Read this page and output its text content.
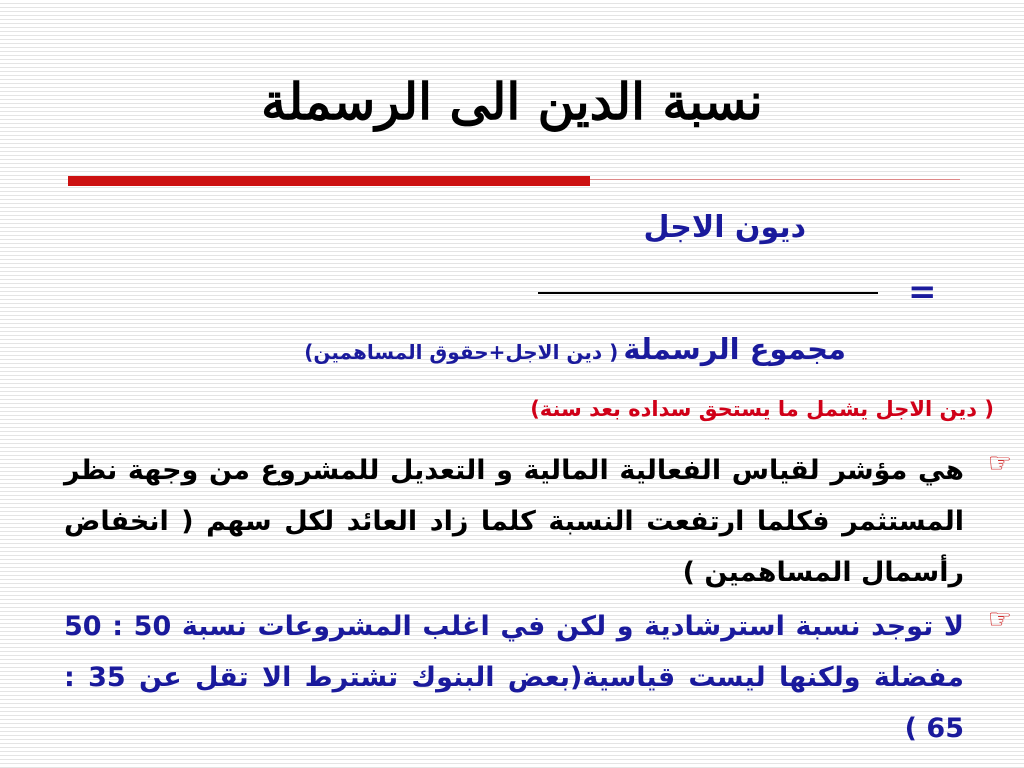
نسبة الدين الى الرسملة
ديون الاجل
=
مجموع الرسملة ( دين الاجل+حقوق المساهمين)
( دين الاجل يشمل ما يستحق سداده بعد سنة)
☞
هي مؤشر لقياس الفعالية المالية و التعديل للمشروع من وجهة نظر المستثمر فكلما ارتفعت النسبة كلما زاد العائد لكل سهم ( انخفاض رأسمال المساهمين )
☞
لا توجد نسبة استرشادية و لكن في اغلب المشروعات نسبة 50 : 50 مفضلة ولكنها ليست قياسية(بعض البنوك تشترط الا تقل عن 35 : 65 )
